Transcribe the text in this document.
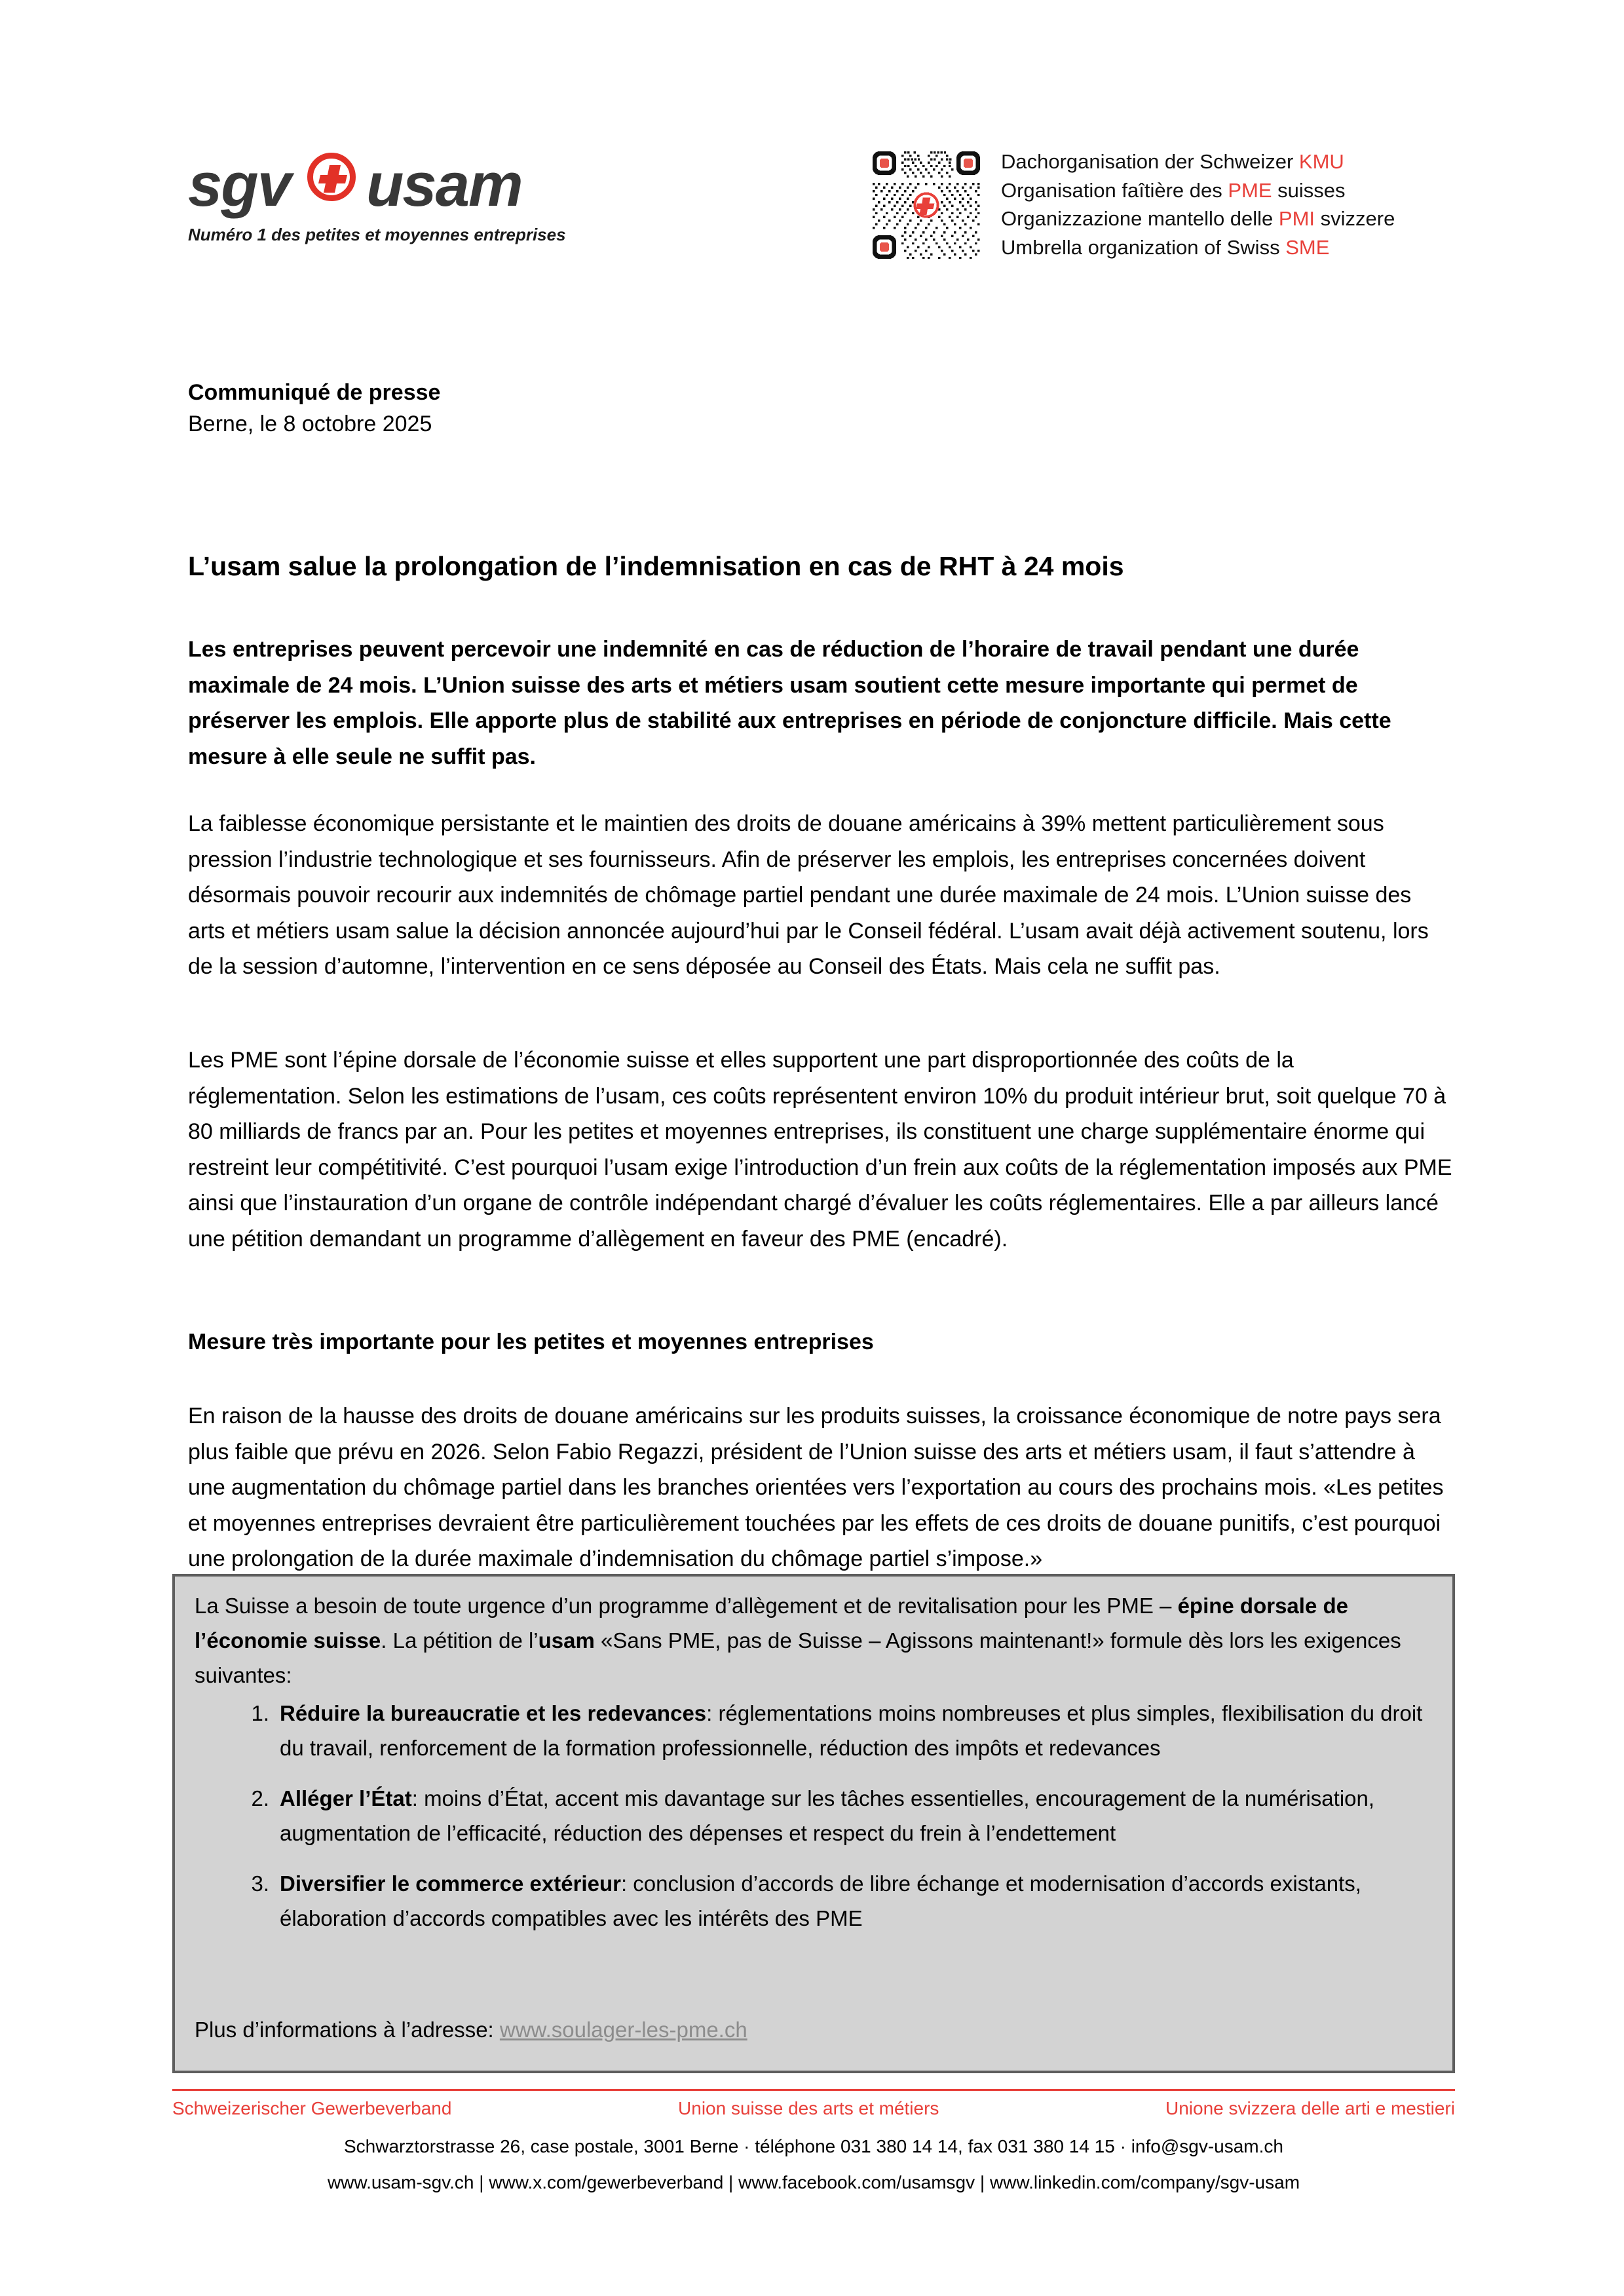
sgv usam
Numéro 1 des petites et moyennes entreprises
Dachorganisation der Schweizer KMU
Organisation faîtière des PME suisses
Organizzazione mantello delle PMI svizzere
Umbrella organization of Swiss SME
Communiqué de presse
Berne, le 8 octobre 2025
L’usam salue la prolongation de l’indemnisation en cas de RHT à 24 mois

Les entreprises peuvent percevoir une indemnité en cas de réduction de l’horaire de travail pendant une durée maximale de 24 mois. L’Union suisse des arts et métiers usam soutient cette mesure importante qui permet de préserver les emplois. Elle apporte plus de stabilité aux entreprises en période de conjoncture difficile. Mais cette mesure à elle seule ne suffit pas.

La faiblesse économique persistante et le maintien des droits de douane américains à 39% mettent particulièrement sous pression l’industrie technologique et ses fournisseurs. Afin de préserver les emplois, les entreprises concernées doivent désormais pouvoir recourir aux indemnités de chômage partiel pendant une durée maximale de 24 mois. L’Union suisse des arts et métiers usam salue la décision annoncée aujourd’hui par le Conseil fédéral. L’usam avait déjà activement soutenu, lors de la session d’automne, l’intervention en ce sens déposée au Conseil des États. Mais cela ne suffit pas.

Les PME sont l’épine dorsale de l’économie suisse et elles supportent une part disproportionnée des coûts de la réglementation. Selon les estimations de l’usam, ces coûts représentent environ 10% du produit intérieur brut, soit quelque 70 à 80 milliards de francs par an. Pour les petites et moyennes entreprises, ils constituent une charge supplémentaire énorme qui restreint leur compétitivité. C’est pourquoi l’usam exige l’introduction d’un frein aux coûts de la réglementation imposés aux PME ainsi que l’instauration d’un organe de contrôle indépendant chargé d’évaluer les coûts réglementaires. Elle a par ailleurs lancé une pétition demandant un programme d’allègement en faveur des PME (encadré).

Mesure très importante pour les petites et moyennes entreprises

En raison de la hausse des droits de douane américains sur les produits suisses, la croissance économique de notre pays sera plus faible que prévu en 2026. Selon Fabio Regazzi, président de l’Union suisse des arts et métiers usam, il faut s’attendre à une augmentation du chômage partiel dans les branches orientées vers l’exportation au cours des prochains mois. «Les petites et moyennes entreprises devraient être particulièrement touchées par les effets de ces droits de douane punitifs, c’est pourquoi une prolongation de la durée maximale d’indemnisation du chômage partiel s’impose.»

La Suisse a besoin de toute urgence d’un programme d’allègement et de revitalisation pour les PME – épine dorsale de l’économie suisse. La pétition de l’usam «Sans PME, pas de Suisse – Agissons maintenant!» formule dès lors les exigences suivantes:
1. Réduire la bureaucratie et les redevances: réglementations moins nombreuses et plus simples, flexibilisation du droit du travail, renforcement de la formation professionnelle, réduction des impôts et redevances
2. Alléger l’État: moins d’État, accent mis davantage sur les tâches essentielles, encouragement de la numérisation, augmentation de l’efficacité, réduction des dépenses et respect du frein à l’endettement
3. Diversifier le commerce extérieur: conclusion d’accords de libre échange et modernisation d’accords existants, élaboration d’accords compatibles avec les intérêts des PME
Plus d’informations à l’adresse: www.soulager-les-pme.ch
Schweizerischer Gewerbeverband	Union suisse des arts et métiers	Unione svizzera delle arti e mestieri
Schwarztorstrasse 26, case postale, 3001 Berne · téléphone 031 380 14 14, fax 031 380 14 15 · info@sgv-usam.ch
www.usam-sgv.ch | www.x.com/gewerbeverband | www.facebook.com/usamsgv | www.linkedin.com/company/sgv-usam
